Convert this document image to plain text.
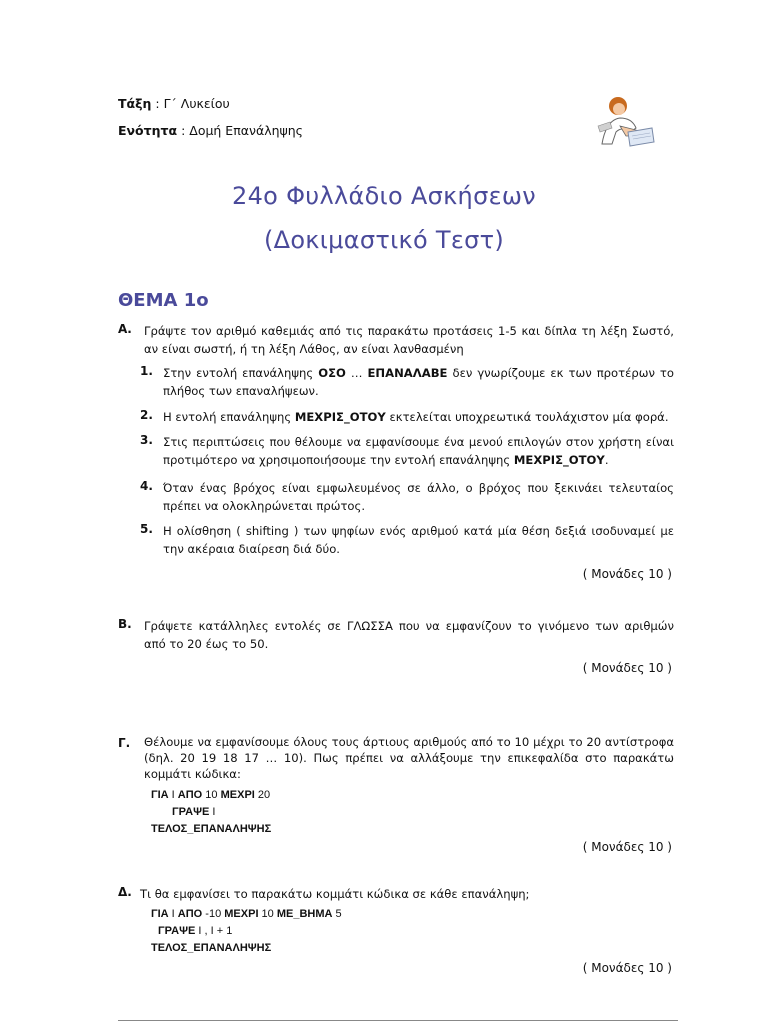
Τάξη : Γ΄ Λυκείου
Ενότητα : Δομή Επανάληψης
24ο Φυλλάδιο Ασκήσεων
(Δοκιμαστικό Τεστ)
ΘΕΜΑ 1ο
Α. Γράψτε τον αριθμό καθεμιάς από τις παρακάτω προτάσεις 1-5 και δίπλα τη λέξη Σωστό, αν είναι σωστή, ή τη λέξη Λάθος, αν είναι λανθασμένη
1. Στην εντολή επανάληψης ΟΣΟ … ΕΠΑΝΑΛΑΒΕ δεν γνωρίζουμε εκ των προτέρων το πλήθος των επαναλήψεων.
2. Η εντολή επανάληψης ΜΕΧΡΙΣ_ΟΤΟΥ εκτελείται υποχρεωτικά τουλάχιστον μία φορά.
3. Στις περιπτώσεις που θέλουμε να εμφανίσουμε ένα μενού επιλογών στον χρήστη είναι προτιμότερο να χρησιμοποιήσουμε την εντολή επανάληψης ΜΕΧΡΙΣ_ΟΤΟΥ.
4. Όταν ένας βρόχος είναι εμφωλευμένος σε άλλο, ο βρόχος που ξεκινάει τελευταίος πρέπει να ολοκληρώνεται πρώτος.
5. Η ολίσθηση ( shifting ) των ψηφίων ενός αριθμού κατά μία θέση δεξιά ισοδυναμεί με την ακέραια διαίρεση διά δύο.
( Μονάδες 10 )
Β. Γράψετε κατάλληλες εντολές σε ΓΛΩΣΣΑ που να εμφανίζουν το γινόμενο των αριθμών από το 20 έως το 50.
( Μονάδες 10 )
Γ. Θέλουμε να εμφανίσουμε όλους τους άρτιους αριθμούς από το 10 μέχρι το 20 αντίστροφα (δηλ. 20 19 18 17 … 10). Πως πρέπει να αλλάξουμε την επικεφαλίδα στο παρακάτω κομμάτι κώδικα:
ΓΙΑ Ι ΑΠΟ 10 ΜΕΧΡΙ 20
ΓΡΑΨΕ Ι
ΤΕΛΟΣ_ΕΠΑΝΑΛΗΨΗΣ
( Μονάδες 10 )
Δ. Τι θα εμφανίσει το παρακάτω κομμάτι κώδικα σε κάθε επανάληψη;
ΓΙΑ Ι ΑΠΟ -10 ΜΕΧΡΙ 10 ΜΕ_ΒΗΜΑ 5
ΓΡΑΨΕ Ι , Ι + 1
ΤΕΛΟΣ_ΕΠΑΝΑΛΗΨΗΣ
( Μονάδες 10 )
